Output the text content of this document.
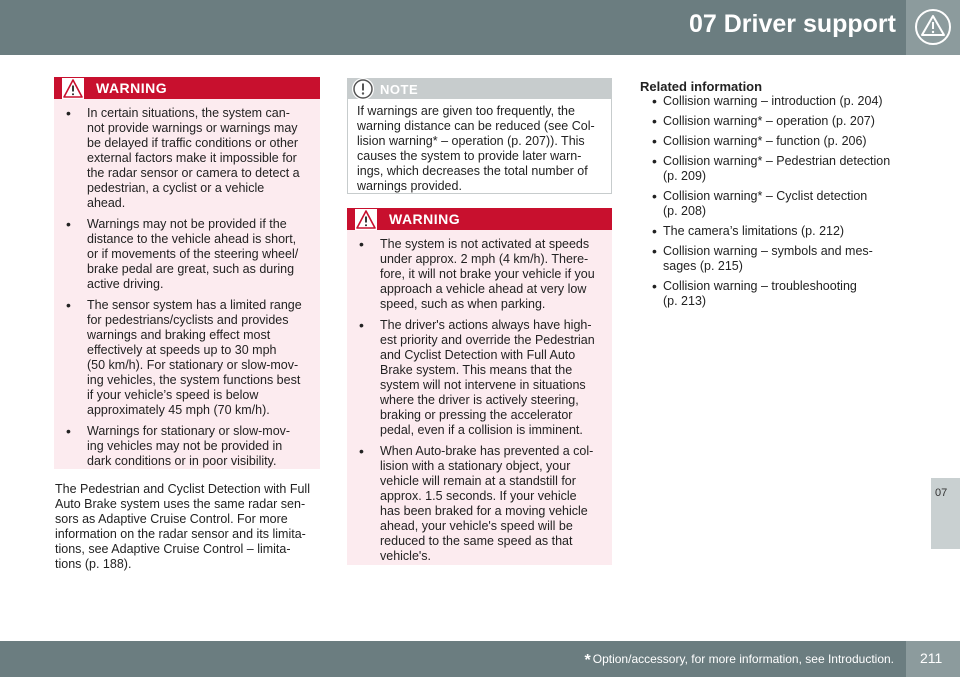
07 Driver support
07
WARNING
• In certain situations, the system can-
not provide warnings or warnings may
be delayed if traffic conditions or other
external factors make it impossible for
the radar sensor or camera to detect a
pedestrian, a cyclist or a vehicle
ahead.
• Warnings may not be provided if the
distance to the vehicle ahead is short,
or if movements of the steering wheel/
brake pedal are great, such as during
active driving.
• The sensor system has a limited range
for pedestrians/cyclists and provides
warnings and braking effect most
effectively at speeds up to 30 mph
(50 km/h). For stationary or slow-mov-
ing vehicles, the system functions best
if your vehicle’s speed is below
approximately 45 mph (70 km/h).
• Warnings for stationary or slow-mov-
ing vehicles may not be provided in
dark conditions or in poor visibility.
The Pedestrian and Cyclist Detection with Full
Auto Brake system uses the same radar sen-
sors as Adaptive Cruise Control. For more
information on the radar sensor and its limita-
tions, see Adaptive Cruise Control – limita-
tions (p. 188).
NOTE
If warnings are given too frequently, the
warning distance can be reduced (see Col-
lision warning* – operation (p. 207)). This
causes the system to provide later warn-
ings, which decreases the total number of
warnings provided.
WARNING
• The system is not activated at speeds
under approx. 2 mph (4 km/h). There-
fore, it will not brake your vehicle if you
approach a vehicle ahead at very low
speed, such as when parking.
• The driver's actions always have high-
est priority and override the Pedestrian
and Cyclist Detection with Full Auto
Brake system. This means that the
system will not intervene in situations
where the driver is actively steering,
braking or pressing the accelerator
pedal, even if a collision is imminent.
• When Auto-brake has prevented a col-
lision with a stationary object, your
vehicle will remain at a standstill for
approx. 1.5 seconds. If your vehicle
has been braked for a moving vehicle
ahead, your vehicle's speed will be
reduced to the same speed as that
vehicle's.
Related information
• Collision warning – introduction (p. 204)
• Collision warning* – operation (p. 207)
• Collision warning* – function (p. 206)
• Collision warning* – Pedestrian detection
(p. 209)
• Collision warning* – Cyclist detection
(p. 208)
• The camera’s limitations (p. 212)
• Collision warning – symbols and mes-
sages (p. 215)
• Collision warning – troubleshooting
(p. 213)
* Option/accessory, for more information, see Introduction. 211
